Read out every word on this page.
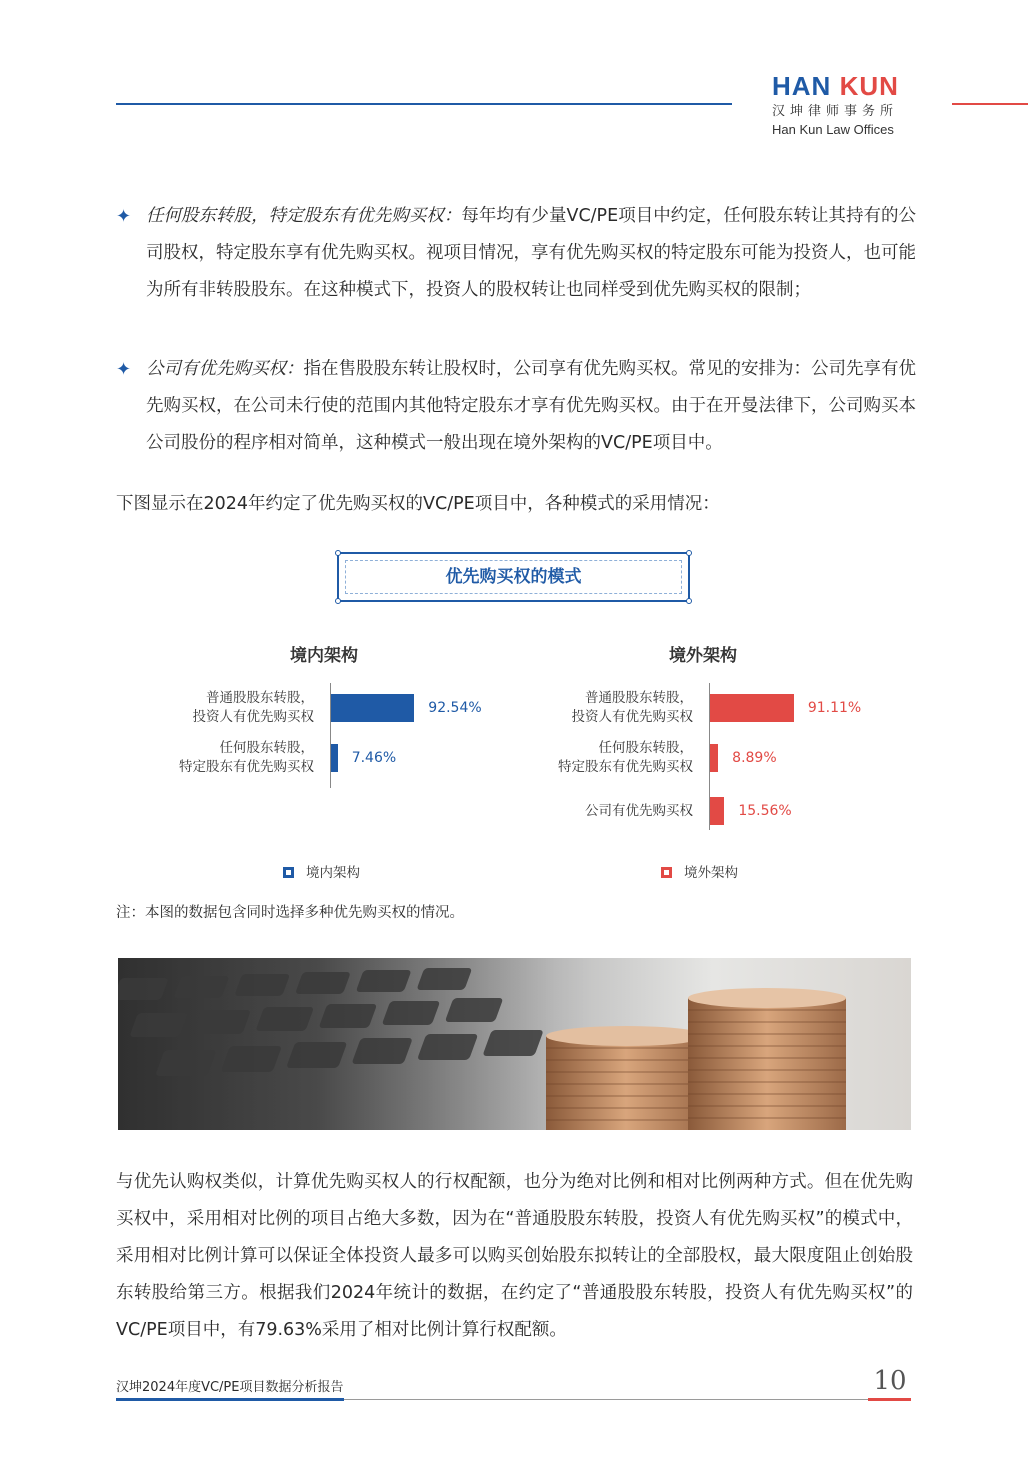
HAN KUN
汉坤律师事务所
Han Kun Law Offices
✦ 任何股东转股，特定股东有优先购买权：每年均有少量VC/PE项目中约定，任何股东转让其持有的公司股权，特定股东享有优先购买权。视项目情况，享有优先购买权的特定股东可能为投资人，也可能为所有非转股股东。在这种模式下，投资人的股权转让也同样受到优先购买权的限制；
✦ 公司有优先购买权：指在售股股东转让股权时，公司享有优先购买权。常见的安排为：公司先享有优先购买权，在公司未行使的范围内其他特定股东才享有优先购买权。由于在开曼法律下，公司购买本公司股份的程序相对简单，这种模式一般出现在境外架构的VC/PE项目中。
下图显示在2024年约定了优先购买权的VC/PE项目中，各种模式的采用情况：
优先购买权的模式
境内架构
普通股股东转股，
投资人有优先购买权
92.54%
任何股东转股，
特定股东有优先购买权
7.46%
境外架构
普通股股东转股，
投资人有优先购买权
91.11%
任何股东转股，
特定股东有优先购买权
8.89%
公司有优先购买权	15.56%
境内架构	境外架构
注：本图的数据包含同时选择多种优先购买权的情况。
与优先认购权类似，计算优先购买权人的行权配额，也分为绝对比例和相对比例两种方式。但在优先购买权中，采用相对比例的项目占绝大多数，因为在“普通股股东转股，投资人有优先购买权”的模式中，采用相对比例计算可以保证全体投资人最多可以购买创始股东拟转让的全部股权，最大限度阻止创始股东转股给第三方。根据我们2024年统计的数据，在约定了“普通股股东转股，投资人有优先购买权”的VC/PE项目中，有79.63%采用了相对比例计算行权配额。
汉坤2024年度VC/PE项目数据分析报告	10
